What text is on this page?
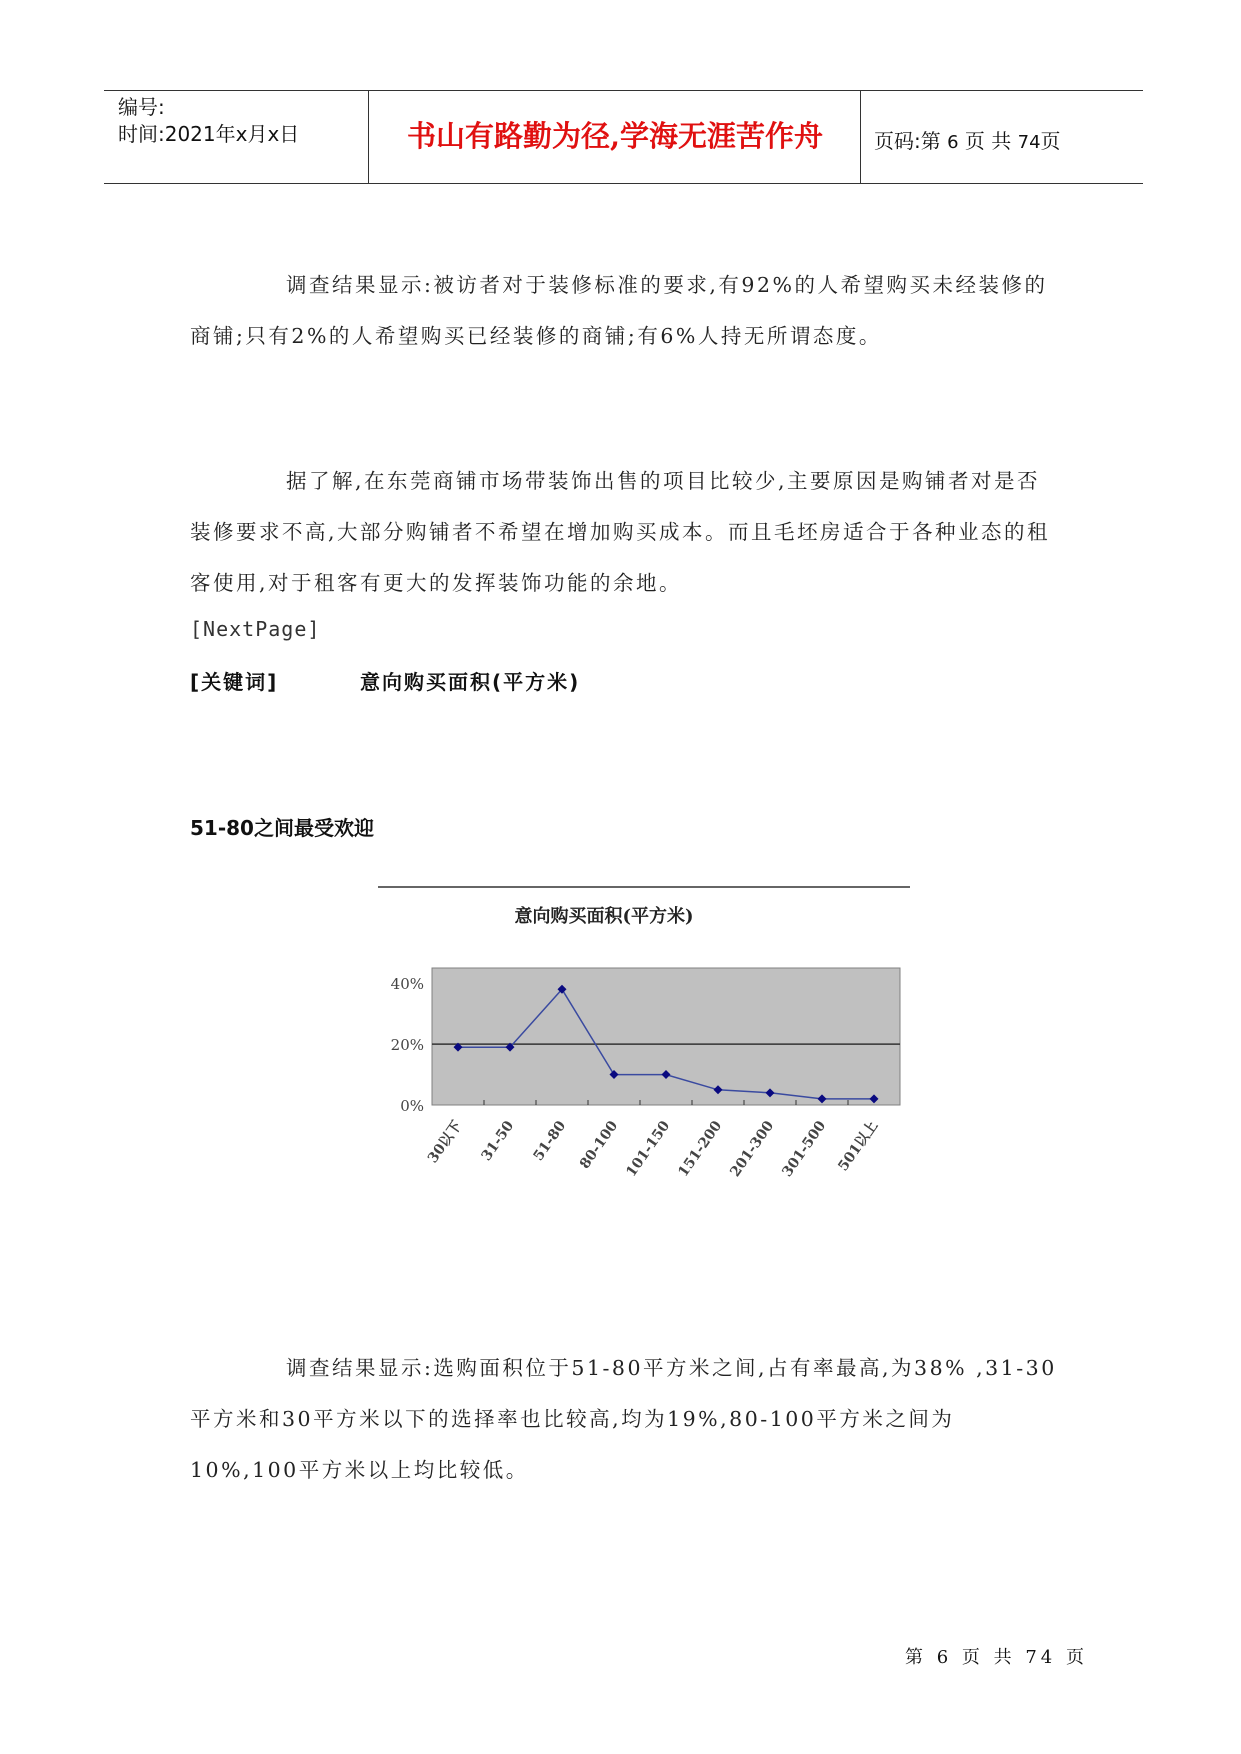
编号:
时间:2021年x月x日	书山有路勤为径,学海无涯苦作舟	页码:第 6 页 共 74页

调查结果显示:被访者对于装修标准的要求,有92%的人希望购买未经装修的商铺;只有2%的人希望购买已经装修的商铺;有6%人持无所谓态度。

据了解,在东莞商铺市场带装饰出售的项目比较少,主要原因是购铺者对是否装修要求不高,大部分购铺者不希望在增加购买成本。而且毛坯房适合于各种业态的租客使用,对于租客有更大的发挥装饰功能的余地。

[NextPage]
[关键词]	意向购买面积(平方米)
51-80之间最受欢迎
意向购买面积(平方米)
0%
20%
40%
30以下 31-50 51-80 80-100 101-150 151-200 201-300 301-500 501以上

调查结果显示:选购面积位于51-80平方米之间,占有率最高,为38% ,31-30平方米和30平方米以下的选择率也比较高,均为19%,80-100平方米之间为10%,100平方米以上均比较低。

第 6 页 共 74 页
